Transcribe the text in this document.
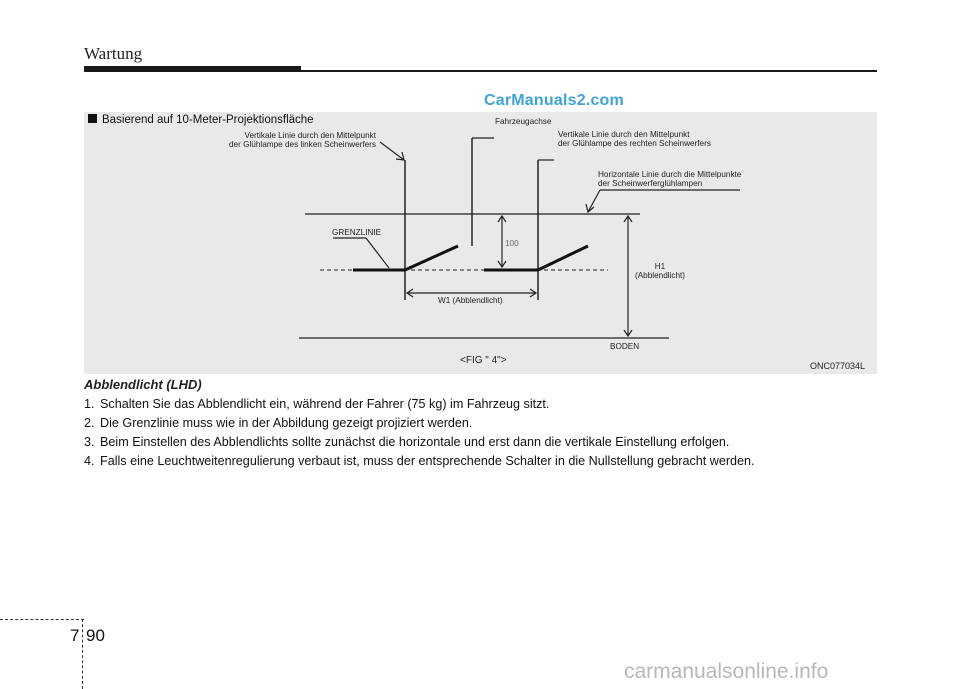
Wartung
CarManuals2.com
Basierend auf 10-Meter-Projektionsfläche
Vertikale Linie durch den Mittelpunkt
der Glühlampe des linken Scheinwerfers
Fahrzeugachse
Vertikale Linie durch den Mittelpunkt
der Glühlampe des rechten Scheinwerfers
Horizontale Linie durch die Mittelpunkte
der Scheinwerferglühlampen
GRENZLINIE
100
H1
(Abblendlicht)
W1 (Abblendlicht)
BODEN
<FIG " 4">	ONC077034L
Abblendlicht (LHD)
1. Schalten Sie das Abblendlicht ein, während der Fahrer (75 kg) im Fahrzeug sitzt.
2. Die Grenzlinie muss wie in der Abbildung gezeigt projiziert werden.
3. Beim Einstellen des Abblendlichts sollte zunächst die horizontale und erst dann die vertikale Einstellung erfolgen.
4. Falls eine Leuchtweitenregulierung verbaut ist, muss der entsprechende Schalter in die Nullstellung gebracht werden.
7 90
carmanualsonline.info
